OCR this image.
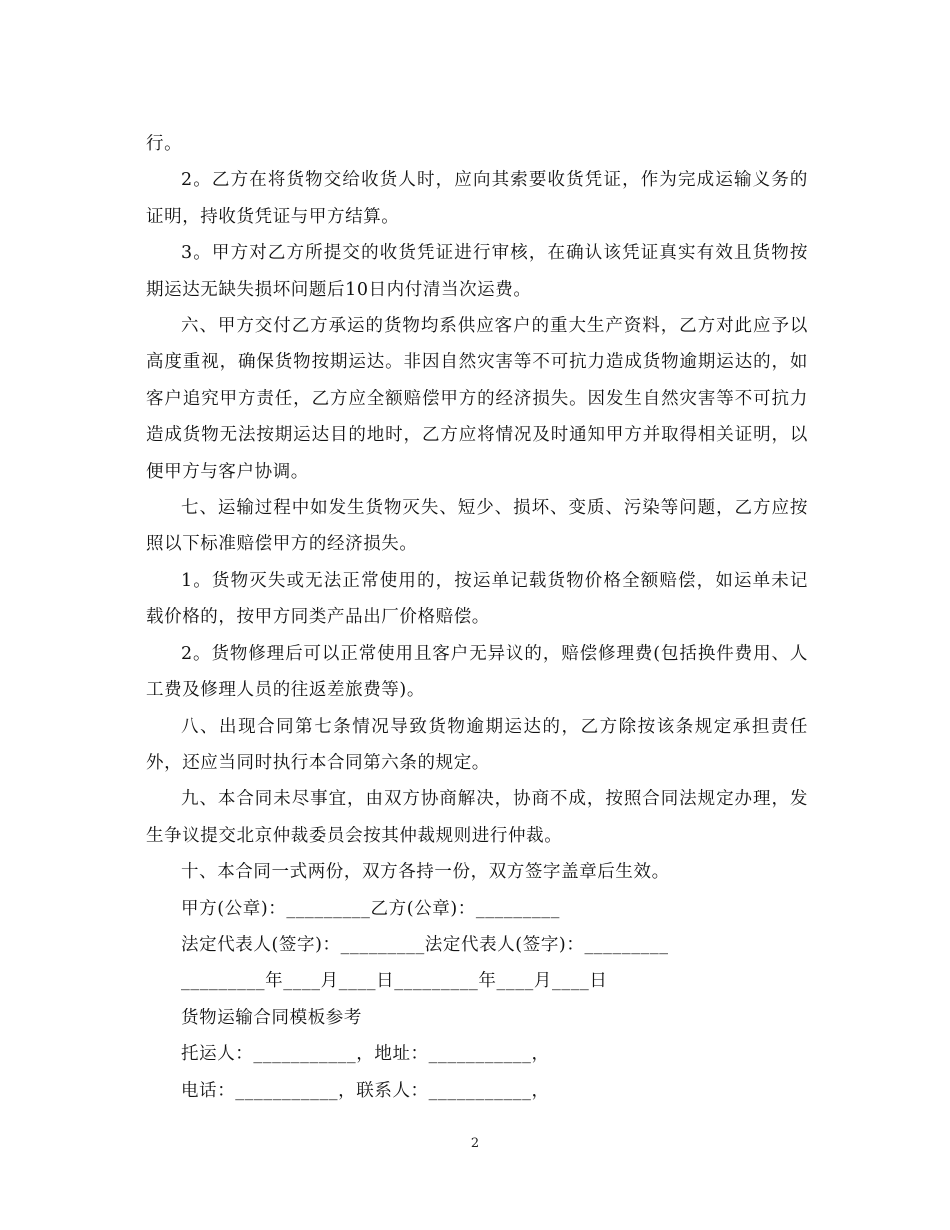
行。

2。乙方在将货物交给收货人时，应向其索要收货凭证，作为完成运输义务的证明，持收货凭证与甲方结算。

3。甲方对乙方所提交的收货凭证进行审核，在确认该凭证真实有效且货物按期运达无缺失损坏问题后10日内付清当次运费。

六、甲方交付乙方承运的货物均系供应客户的重大生产资料，乙方对此应予以高度重视，确保货物按期运达。非因自然灾害等不可抗力造成货物逾期运达的，如客户追究甲方责任，乙方应全额赔偿甲方的经济损失。因发生自然灾害等不可抗力造成货物无法按期运达目的地时，乙方应将情况及时通知甲方并取得相关证明，以便甲方与客户协调。

七、运输过程中如发生货物灭失、短少、损坏、变质、污染等问题，乙方应按照以下标准赔偿甲方的经济损失。

1。货物灭失或无法正常使用的，按运单记载货物价格全额赔偿，如运单未记载价格的，按甲方同类产品出厂价格赔偿。

2。货物修理后可以正常使用且客户无异议的，赔偿修理费(包括换件费用、人工费及修理人员的往返差旅费等)。

八、出现合同第七条情况导致货物逾期运达的，乙方除按该条规定承担责任外，还应当同时执行本合同第六条的规定。

九、本合同未尽事宜，由双方协商解决，协商不成，按照合同法规定办理，发生争议提交北京仲裁委员会按其仲裁规则进行仲裁。

十、本合同一式两份，双方各持一份，双方签字盖章后生效。

甲方(公章)：_________乙方(公章)：_________

法定代表人(签字)：_________法定代表人(签字)：_________

_________年____月____日_________年____月____日

货物运输合同模板参考

托运人：___________，地址：___________，

电话：___________，联系人：___________，

2
